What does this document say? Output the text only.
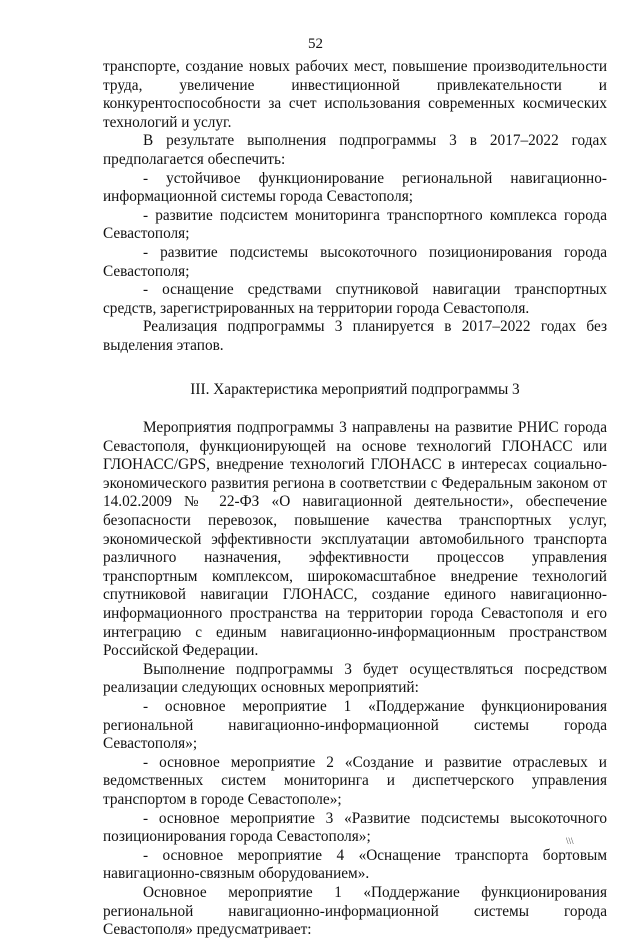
52

транспорте, создание новых рабочих мест, повышение производительности труда, увеличение инвестиционной привлекательности и конкурентоспособности за счет использования современных космических технологий и услуг.

В результате выполнения подпрограммы 3 в 2017–2022 годах предполагается обеспечить:

- устойчивое функционирование региональной навигационно-информационной системы города Севастополя;

- развитие подсистем мониторинга транспортного комплекса города Севастополя;

- развитие подсистемы высокоточного позиционирования города Севастополя;

- оснащение средствами спутниковой навигации транспортных средств, зарегистрированных на территории города Севастополя.

Реализация подпрограммы 3 планируется в 2017–2022 годах без выделения этапов.

III. Характеристика мероприятий подпрограммы 3

Мероприятия подпрограммы 3 направлены на развитие РНИС города Севастополя, функционирующей на основе технологий ГЛОНАСС или ГЛОНАСС/GPS, внедрение технологий ГЛОНАСС в интересах социально-экономического развития региона в соответствии с Федеральным законом от 14.02.2009 № 22-ФЗ «О навигационной деятельности», обеспечение безопасности перевозок, повышение качества транспортных услуг, экономической эффективности эксплуатации автомобильного транспорта различного назначения, эффективности процессов управления транспортным комплексом, широкомасштабное внедрение технологий спутниковой навигации ГЛОНАСС, создание единого навигационно-информационного пространства на территории города Севастополя и его интеграцию с единым навигационно-информационным пространством Российской Федерации.

Выполнение подпрограммы 3 будет осуществляться посредством реализации следующих основных мероприятий:

- основное мероприятие 1 «Поддержание функционирования региональной навигационно-информационной системы города Севастополя»;

- основное мероприятие 2 «Создание и развитие отраслевых и ведомственных систем мониторинга и диспетчерского управления транспортом в городе Севастополе»;

- основное мероприятие 3 «Развитие подсистемы высокоточного позиционирования города Севастополя»;

- основное мероприятие 4 «Оснащение транспорта бортовым навигационно-связным оборудованием».

Основное мероприятие 1 «Поддержание функционирования региональной навигационно-информационной системы города Севастополя» предусматривает:

\\\
